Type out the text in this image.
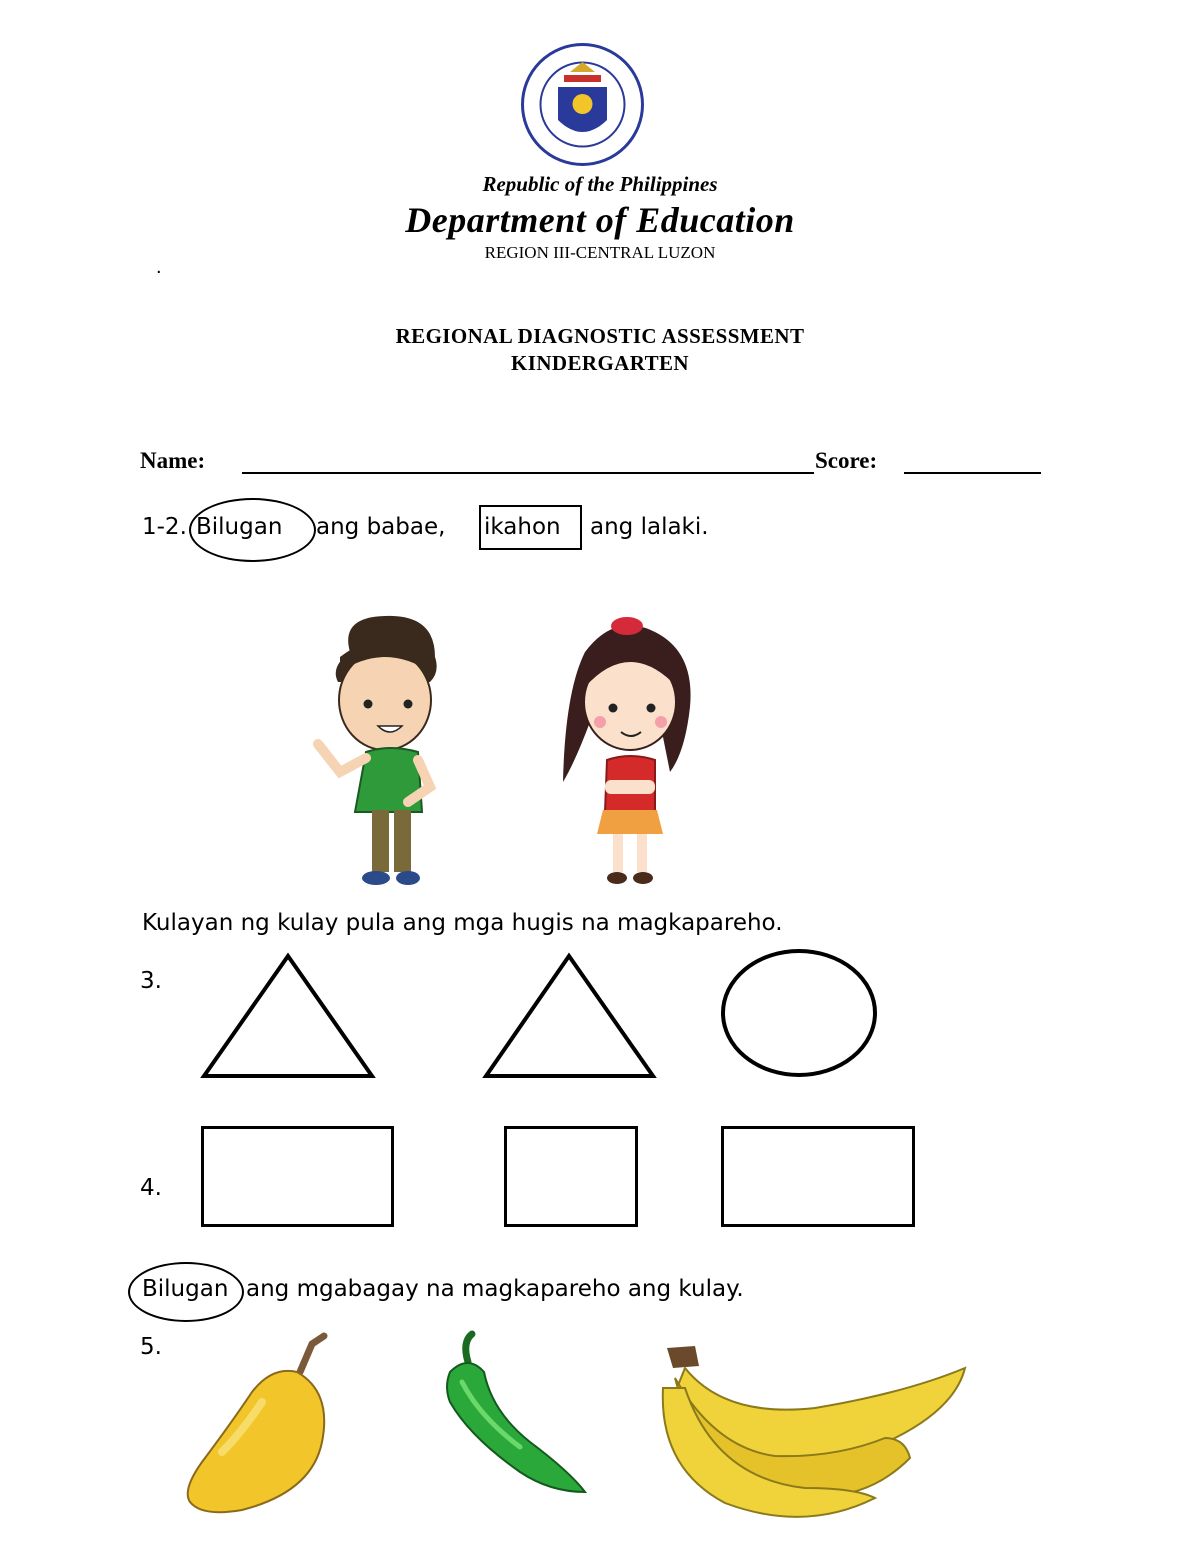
Republic of the Philippines
Department of Education
REGION III-CENTRAL LUZON
.
REGIONAL DIAGNOSTIC ASSESSMENT
KINDERGARTEN
Name:	Score:
1-2. Bilugan ang babae, ikahon ang lalaki.
Kulayan ng kulay pula ang mga hugis na magkapareho.
3.
4.
Bilugan ang mgabagay na magkapareho ang kulay.
5.
